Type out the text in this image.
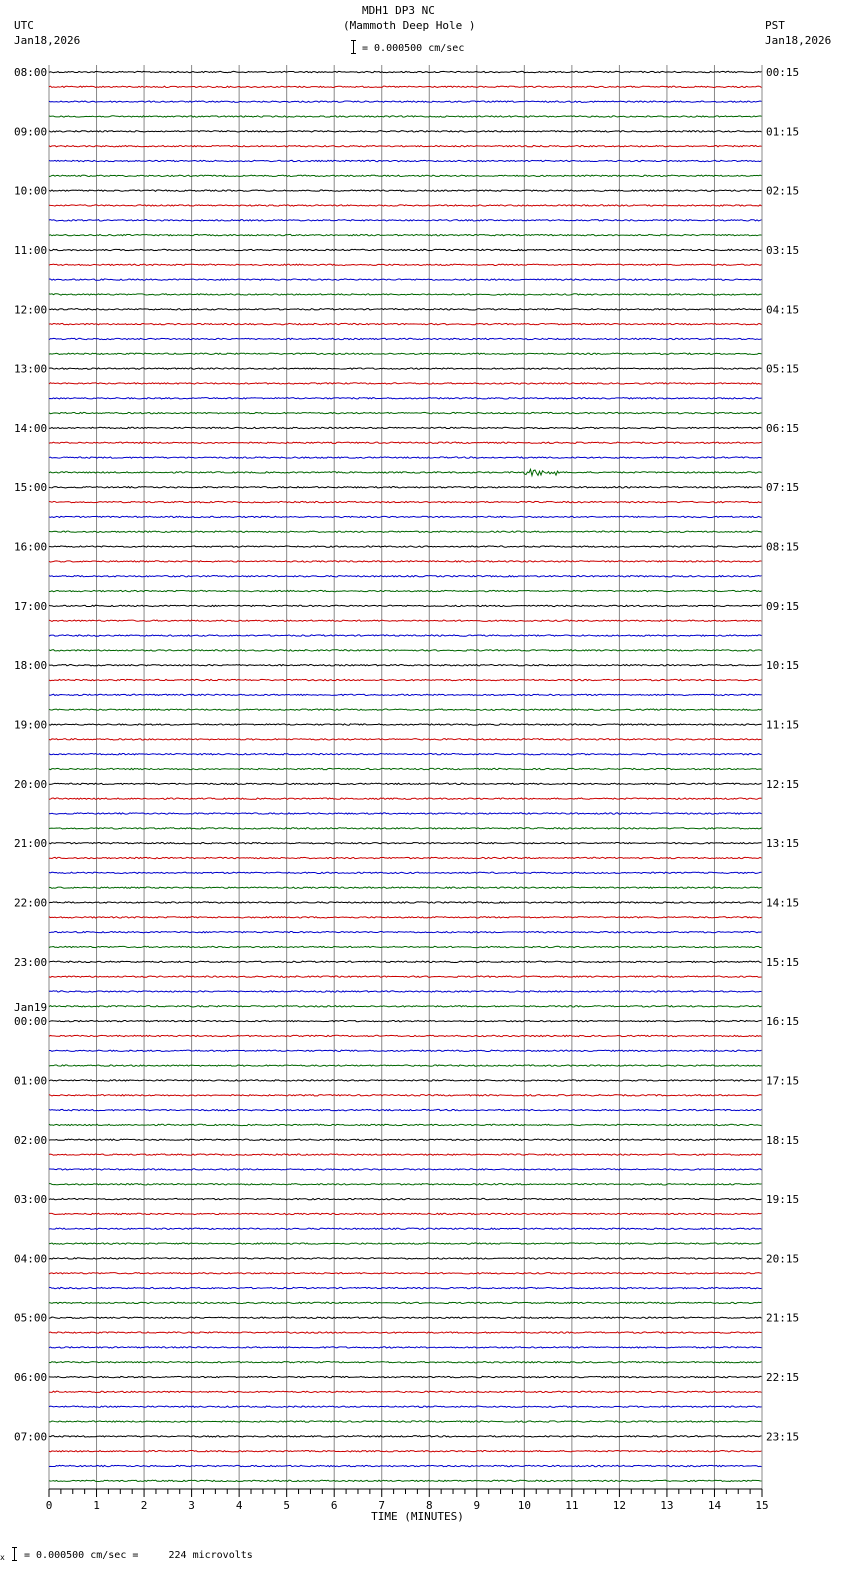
MDH1 DP3 NC
(Mammoth Deep Hole )
= 0.000500 cm/sec
UTC
Jan18,2026
PST
Jan18,2026
08:00
09:00
10:00
11:00
12:00
13:00
14:00
15:00
16:00
17:00
18:00
19:00
20:00
21:00
22:00
23:00
Jan19
00:00
01:00
02:00
03:00
04:00
05:00
06:00
07:00
00:15
01:15
02:15
03:15
04:15
05:15
06:15
07:15
08:15
09:15
10:15
11:15
12:15
13:15
14:15
15:15
16:15
17:15
18:15
19:15
20:15
21:15
22:15
23:15
0	1	2	3	4	5	6	7	8	9	10	11	12	13	14	15
TIME (MINUTES)
x = 0.000500 cm/sec =     224 microvolts
